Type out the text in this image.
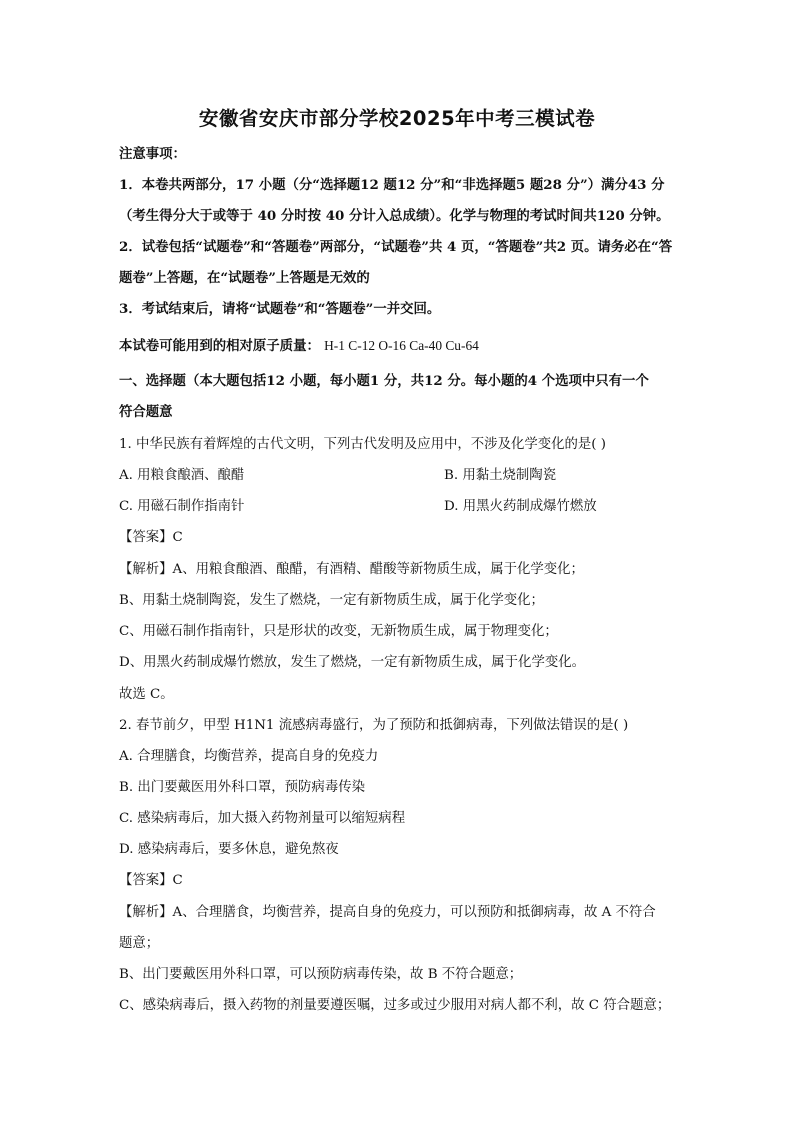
安徽省安庆市部分学校2025年中考三模试卷
注意事项：
1．本卷共两部分，17 小题（分“选择题12 题12 分”和“非选择题5 题28 分”）满分43 分
（考生得分大于或等于 40 分时按 40 分计入总成绩）。化学与物理的考试时间共120 分钟。
2．试卷包括“试题卷”和“答题卷”两部分，“试题卷”共 4 页，“答题卷”共2 页。请务必在“答
题卷”上答题，在“试题卷”上答题是无效的
3．考试结束后，请将“试题卷”和“答题卷”一并交回。
本试卷可能用到的相对原子质量： H-1 C-12 O-16 Ca-40 Cu-64
一、选择题（本大题包括12 小题，每小题1 分，共12 分。每小题的4 个选项中只有一个
符合题意
1. 中华民族有着辉煌的古代文明，下列古代发明及应用中，不涉及化学变化的是( )
A. 用粮食酿酒、酿醋	B. 用黏土烧制陶瓷
C. 用磁石制作指南针	D. 用黑火药制成爆竹燃放
【答案】C
【解析】A、用粮食酿酒、酿醋，有酒精、醋酸等新物质生成，属于化学变化；
B、用黏土烧制陶瓷，发生了燃烧，一定有新物质生成，属于化学变化；
C、用磁石制作指南针，只是形状的改变，无新物质生成，属于物理变化；
D、用黑火药制成爆竹燃放，发生了燃烧，一定有新物质生成，属于化学变化。
故选 C。
2. 春节前夕，甲型 H1N1 流感病毒盛行，为了预防和抵御病毒，下列做法错误的是( )
A. 合理膳食，均衡营养，提高自身的免疫力
B. 出门要戴医用外科口罩，预防病毒传染
C. 感染病毒后，加大摄入药物剂量可以缩短病程
D. 感染病毒后，要多休息，避免熬夜
【答案】C
【解析】A、合理膳食，均衡营养，提高自身的免疫力，可以预防和抵御病毒，故 A 不符合
题意；
B、出门要戴医用外科口罩，可以预防病毒传染，故 B 不符合题意；
C、感染病毒后，摄入药物的剂量要遵医嘱，过多或过少服用对病人都不利，故 C 符合题意；
